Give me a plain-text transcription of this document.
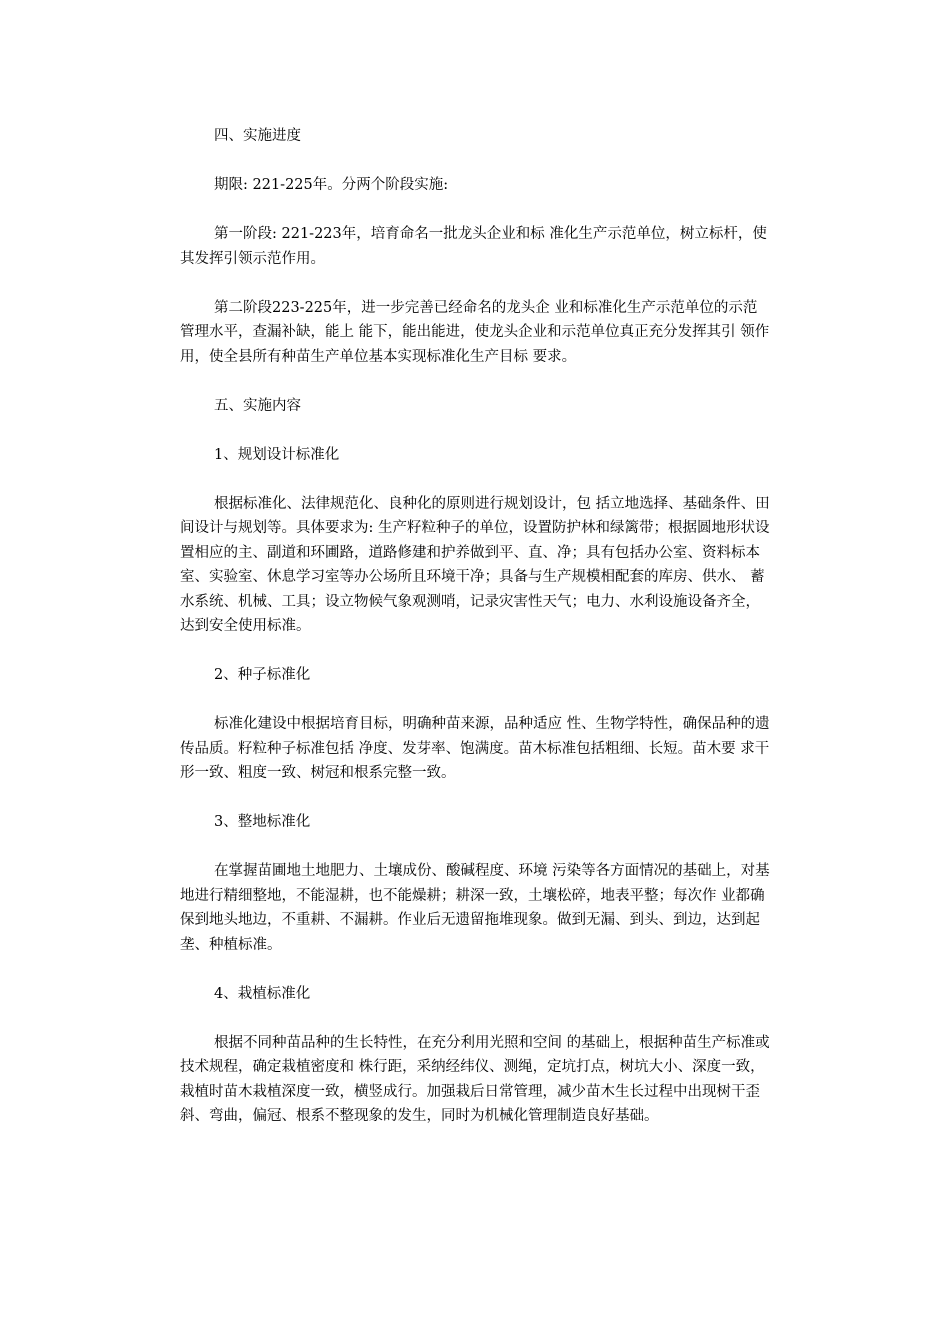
四、实施进度

期限: 221-225年。分两个阶段实施:

第一阶段: 221-223年，培育命名一批龙头企业和标 准化生产示范单位，树立标杆，使其发挥引领示范作用。

第二阶段223-225年，进一步完善已经命名的龙头企 业和标准化生产示范单位的示范管理水平，查漏补缺，能上 能下，能出能进，使龙头企业和示范单位真正充分发挥其引 领作用，使全县所有种苗生产单位基本实现标准化生产目标 要求。

五、实施内容

1、规划设计标准化

根据标准化、法律规范化、良种化的原则进行规划设计，包 括立地选择、基础条件、田间设计与规划等。具体要求为: 生产籽粒种子的单位，设置防护林和绿篱带；根据圆地形状设置相应的主、副道和环圃路，道路修建和护养做到平、直、净；具有包括办公室、资料标本室、实验室、休息学习室等办公场所且环境干净；具备与生产规模相配套的库房、供水、 蓄水系统、机械、工具；设立物候气象观测哨，记录灾害性天气；电力、水利设施设备齐全，达到安全使用标准。

2、种子标准化

标准化建设中根据培育目标，明确种苗来源，品种适应 性、生物学特性，确保品种的遗传品质。籽粒种子标准包括 净度、发芽率、饱满度。苗木标准包括粗细、长短。苗木要 求干形一致、粗度一致、树冠和根系完整一致。

3、整地标准化

在掌握苗圃地土地肥力、土壤成份、酸碱程度、环境 污染等各方面情况的基础上，对基地进行精细整地，不能湿耕，也不能燥耕；耕深一致，土壤松碎，地表平整；每次作 业都确保到地头地边，不重耕、不漏耕。作业后无遗留拖堆现象。做到无漏、到头、到边，达到起垄、种植标准。

4、栽植标准化

根据不同种苗品种的生长特性，在充分利用光照和空间 的基础上，根据种苗生产标准或技术规程，确定栽植密度和 株行距，采纳经纬仪、测绳，定坑打点，树坑大小、深度一致，栽植时苗木栽植深度一致，横竖成行。加强栽后日常管理，减少苗木生长过程中出现树干歪斜、弯曲，偏冠、根系不整现象的发生，同时为机械化管理制造良好基础。
